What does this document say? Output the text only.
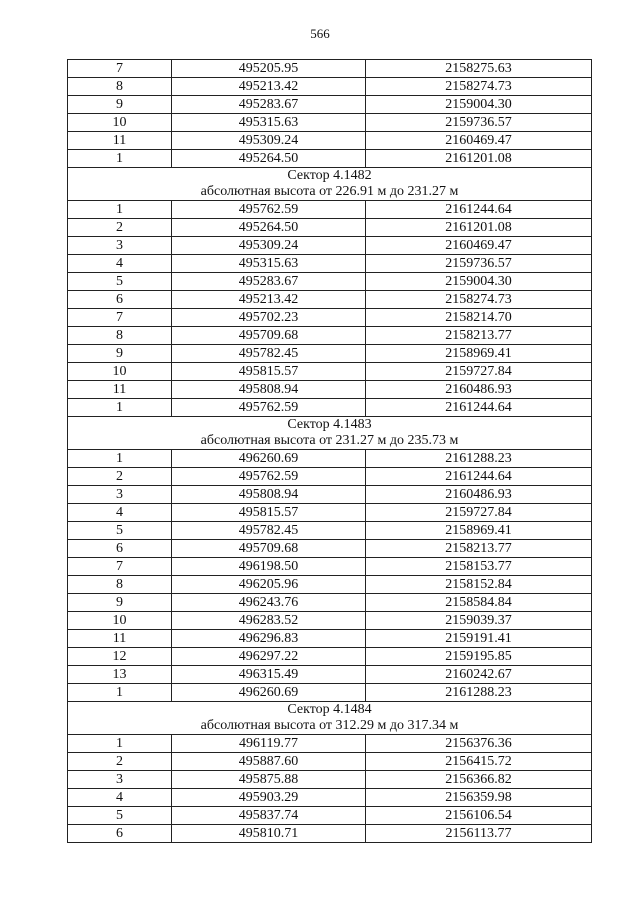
566
7	495205.95	2158275.63
8	495213.42	2158274.73
9	495283.67	2159004.30
10	495315.63	2159736.57
11	495309.24	2160469.47
1	495264.50	2161201.08

Сектор 4.1482
абсолютная высота от 226.91 м до 231.27 м		

1	495762.59	2161244.64
2	495264.50	2161201.08
3	495309.24	2160469.47
4	495315.63	2159736.57
5	495283.67	2159004.30
6	495213.42	2158274.73
7	495702.23	2158214.70
8	495709.68	2158213.77
9	495782.45	2158969.41
10	495815.57	2159727.84
11	495808.94	2160486.93
1	495762.59	2161244.64

Сектор 4.1483
абсолютная высота от 231.27 м до 235.73 м		

1	496260.69	2161288.23
2	495762.59	2161244.64
3	495808.94	2160486.93
4	495815.57	2159727.84
5	495782.45	2158969.41
6	495709.68	2158213.77
7	496198.50	2158153.77
8	496205.96	2158152.84
9	496243.76	2158584.84
10	496283.52	2159039.37
11	496296.83	2159191.41
12	496297.22	2159195.85
13	496315.49	2160242.67
1	496260.69	2161288.23

Сектор 4.1484
абсолютная высота от 312.29 м до 317.34 м		

1	496119.77	2156376.36
2	495887.60	2156415.72
3	495875.88	2156366.82
4	495903.29	2156359.98
5	495837.74	2156106.54
6	495810.71	2156113.77
